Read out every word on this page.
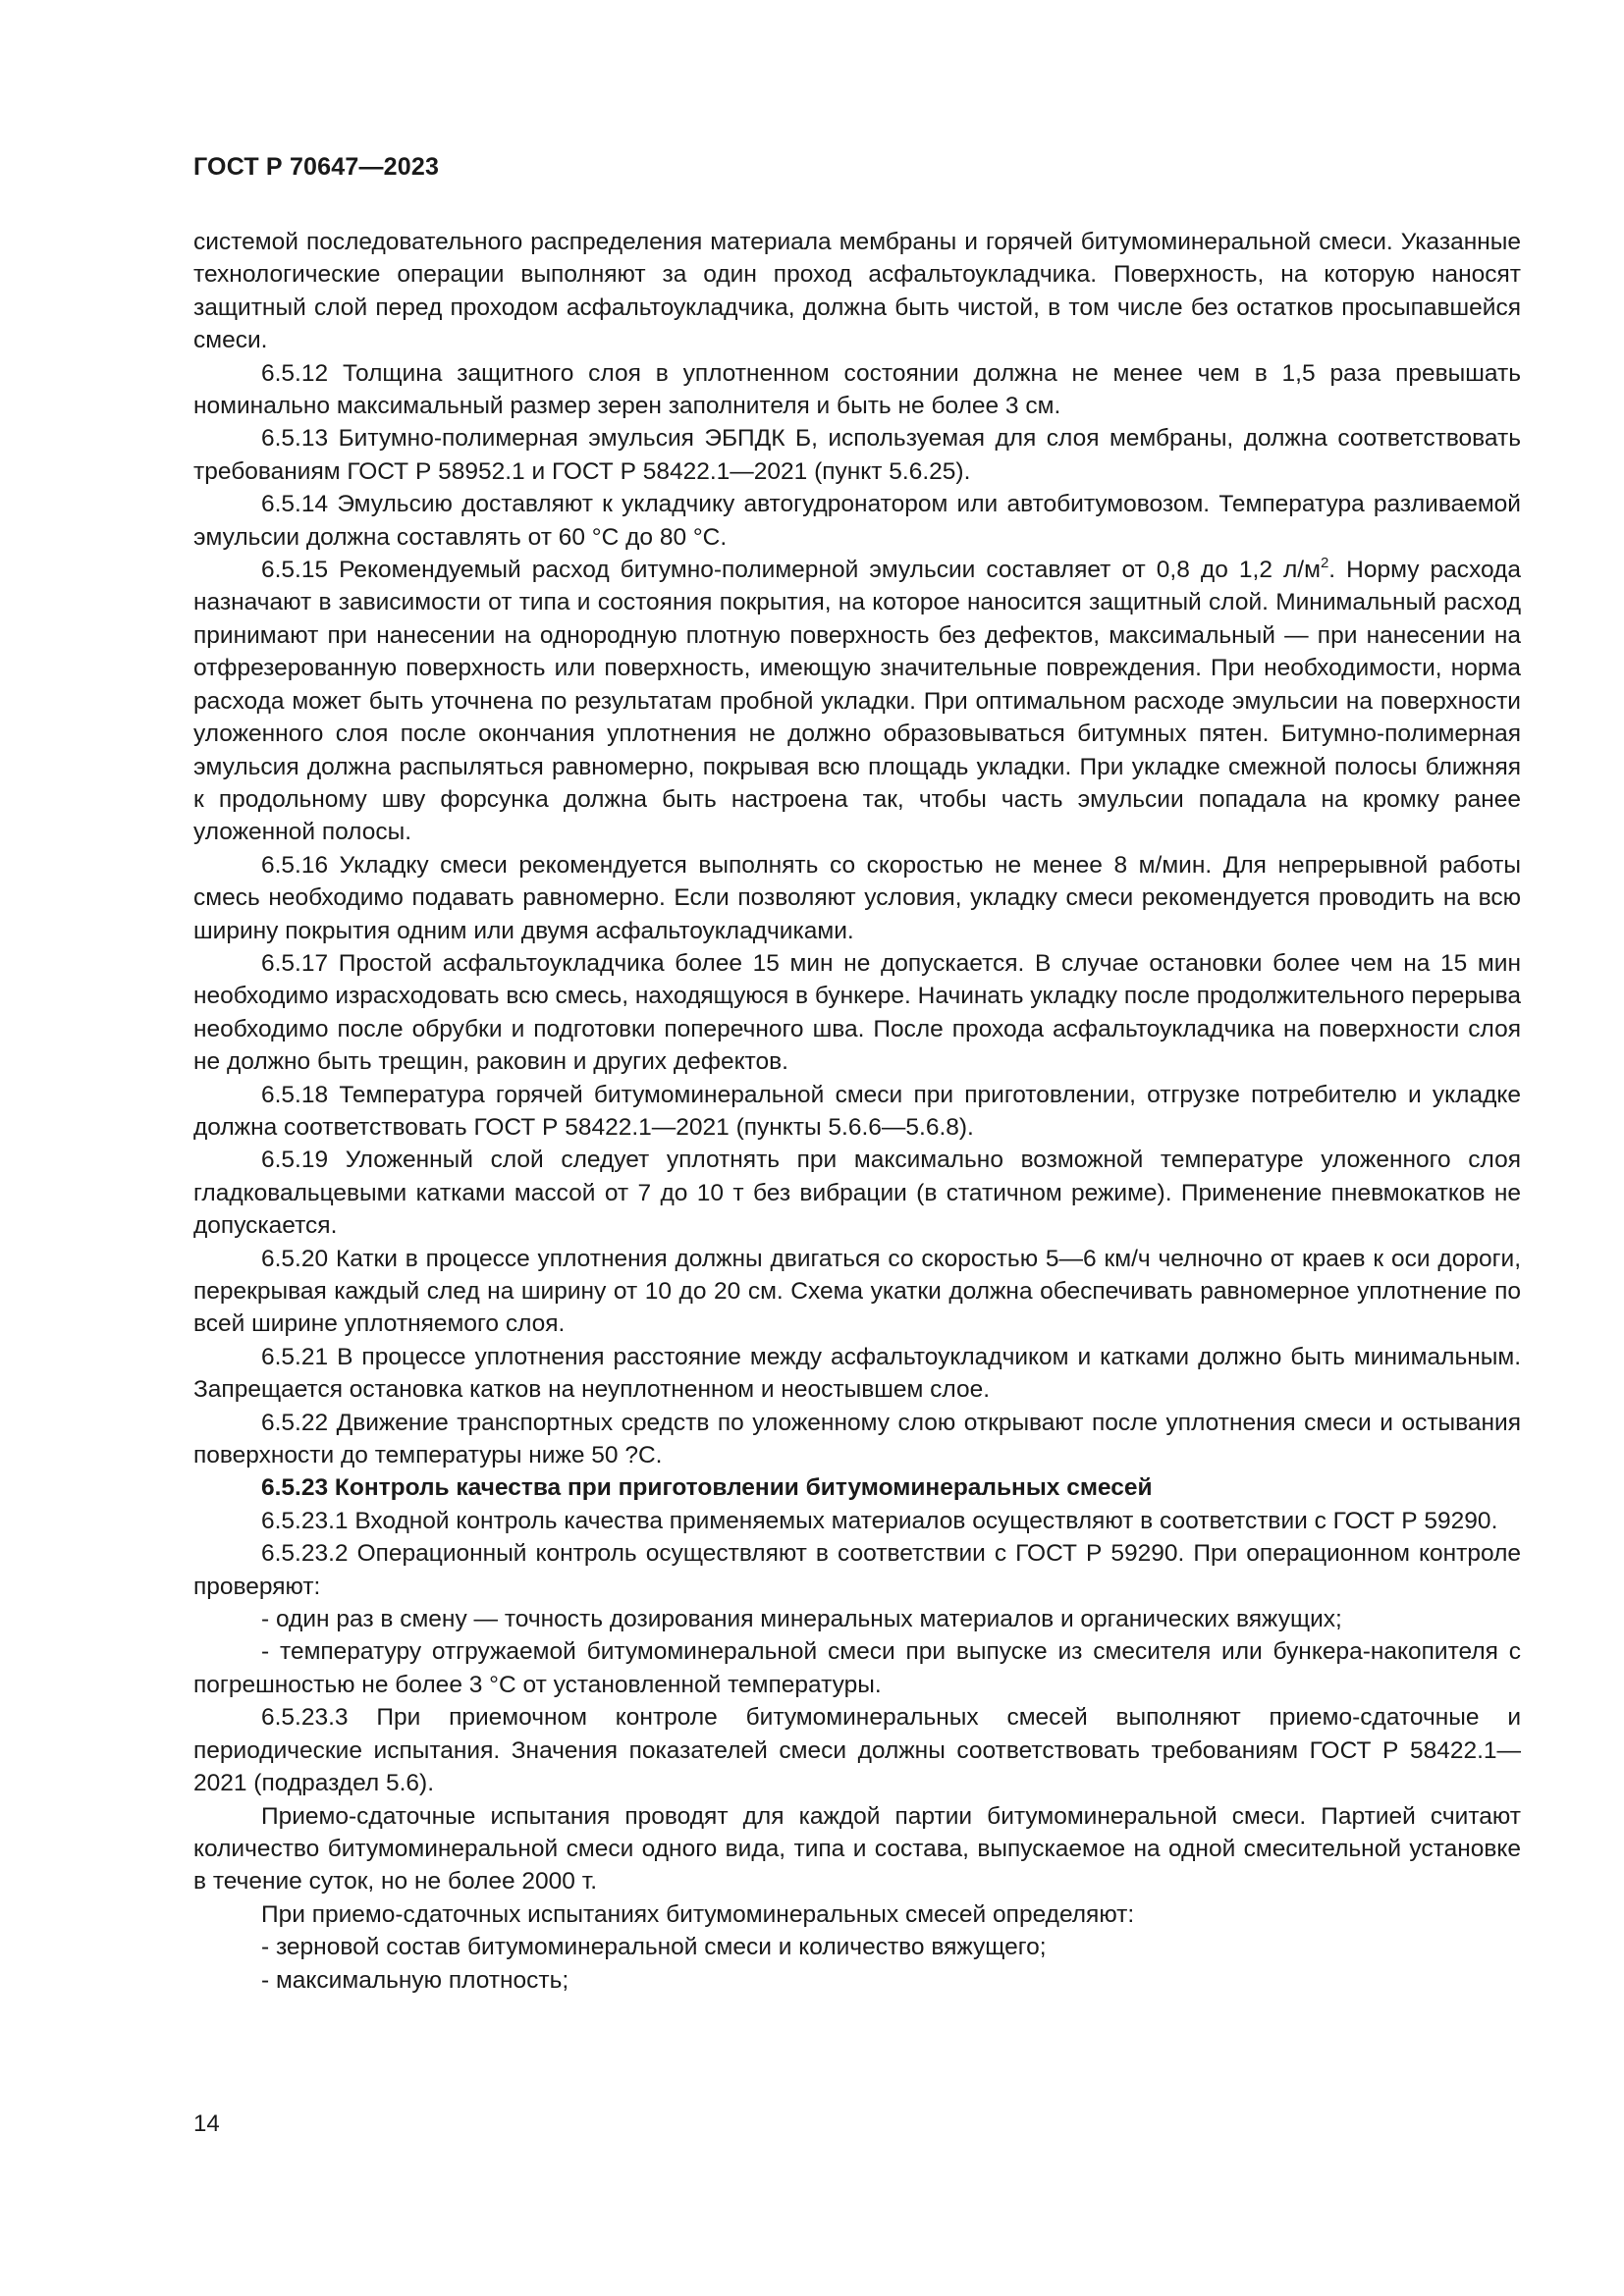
ГОСТ Р 70647—2023

системой последовательного распределения материала мембраны и горячей битумоминеральной смеси. Указанные технологические операции выполняют за один проход асфальтоукладчика. Поверхность, на которую наносят защитный слой перед проходом асфальтоукладчика, должна быть чистой, в том числе без остатков просыпавшейся смеси.

6.5.12 Толщина защитного слоя в уплотненном состоянии должна не менее чем в 1,5 раза превышать номинально максимальный размер зерен заполнителя и быть не более 3 см.

6.5.13 Битумно-полимерная эмульсия ЭБПДК Б, используемая для слоя мембраны, должна соответствовать требованиям ГОСТ Р 58952.1 и ГОСТ Р 58422.1—2021 (пункт 5.6.25).

6.5.14 Эмульсию доставляют к укладчику автогудронатором или автобитумовозом. Температура разливаемой эмульсии должна составлять от 60 °С до 80 °С.

6.5.15 Рекомендуемый расход битумно-полимерной эмульсии составляет от 0,8 до 1,2 $л/м^2$. Норму расхода назначают в зависимости от типа и состояния покрытия, на которое наносится защитный слой. Минимальный расход принимают при нанесении на однородную плотную поверхность без дефектов, максимальный — при нанесении на отфрезерованную поверхность или поверхность, имеющую значительные повреждения. При необходимости, норма расхода может быть уточнена по результатам пробной укладки. При оптимальном расходе эмульсии на поверхности уложенного слоя после окончания уплотнения не должно образовываться битумных пятен. Битумно-полимерная эмульсия должна распыляться равномерно, покрывая всю площадь укладки. При укладке смежной полосы ближняя к продольному шву форсунка должна быть настроена так, чтобы часть эмульсии попадала на кромку ранее уложенной полосы.

6.5.16 Укладку смеси рекомендуется выполнять со скоростью не менее 8 м/мин. Для непрерывной работы смесь необходимо подавать равномерно. Если позволяют условия, укладку смеси рекомендуется проводить на всю ширину покрытия одним или двумя асфальтоукладчиками.

6.5.17 Простой асфальтоукладчика более 15 мин не допускается. В случае остановки более чем на 15 мин необходимо израсходовать всю смесь, находящуюся в бункере. Начинать укладку после продолжительного перерыва необходимо после обрубки и подготовки поперечного шва. После прохода асфальтоукладчика на поверхности слоя не должно быть трещин, раковин и других дефектов.

6.5.18 Температура горячей битумоминеральной смеси при приготовлении, отгрузке потребителю и укладке должна соответствовать ГОСТ Р 58422.1—2021 (пункты 5.6.6—5.6.8).

6.5.19 Уложенный слой следует уплотнять при максимально возможной температуре уложенного слоя гладковальцевыми катками массой от 7 до 10 т без вибрации (в статичном режиме). Применение пневмокатков не допускается.

6.5.20 Катки в процессе уплотнения должны двигаться со скоростью 5—6 км/ч челночно от краев к оси дороги, перекрывая каждый след на ширину от 10 до 20 см. Схема укатки должна обеспечивать равномерное уплотнение по всей ширине уплотняемого слоя.

6.5.21 В процессе уплотнения расстояние между асфальтоукладчиком и катками должно быть минимальным. Запрещается остановка катков на неуплотненном и неостывшем слое.

6.5.22 Движение транспортных средств по уложенному слою открывают после уплотнения смеси и остывания поверхности до температуры ниже 50 ?С.

6.5.23 Контроль качества при приготовлении битумоминеральных смесей

6.5.23.1 Входной контроль качества применяемых материалов осуществляют в соответствии с ГОСТ Р 59290.

6.5.23.2 Операционный контроль осуществляют в соответствии с ГОСТ Р 59290. При операционном контроле проверяют:

- один раз в смену — точность дозирования минеральных материалов и органических вяжущих;

- температуру отгружаемой битумоминеральной смеси при выпуске из смесителя или бункера-накопителя с погрешностью не более 3 °С от установленной температуры.

6.5.23.3 При приемочном контроле битумоминеральных смесей выполняют приемо-сдаточные и периодические испытания. Значения показателей смеси должны соответствовать требованиям ГОСТ Р 58422.1—2021 (подраздел 5.6).

Приемо-сдаточные испытания проводят для каждой партии битумоминеральной смеси. Партией считают количество битумоминеральной смеси одного вида, типа и состава, выпускаемое на одной смесительной установке в течение суток, но не более 2000 т.

При приемо-сдаточных испытаниях битумоминеральных смесей определяют:

- зерновой состав битумоминеральной смеси и количество вяжущего;

- максимальную плотность;

14
